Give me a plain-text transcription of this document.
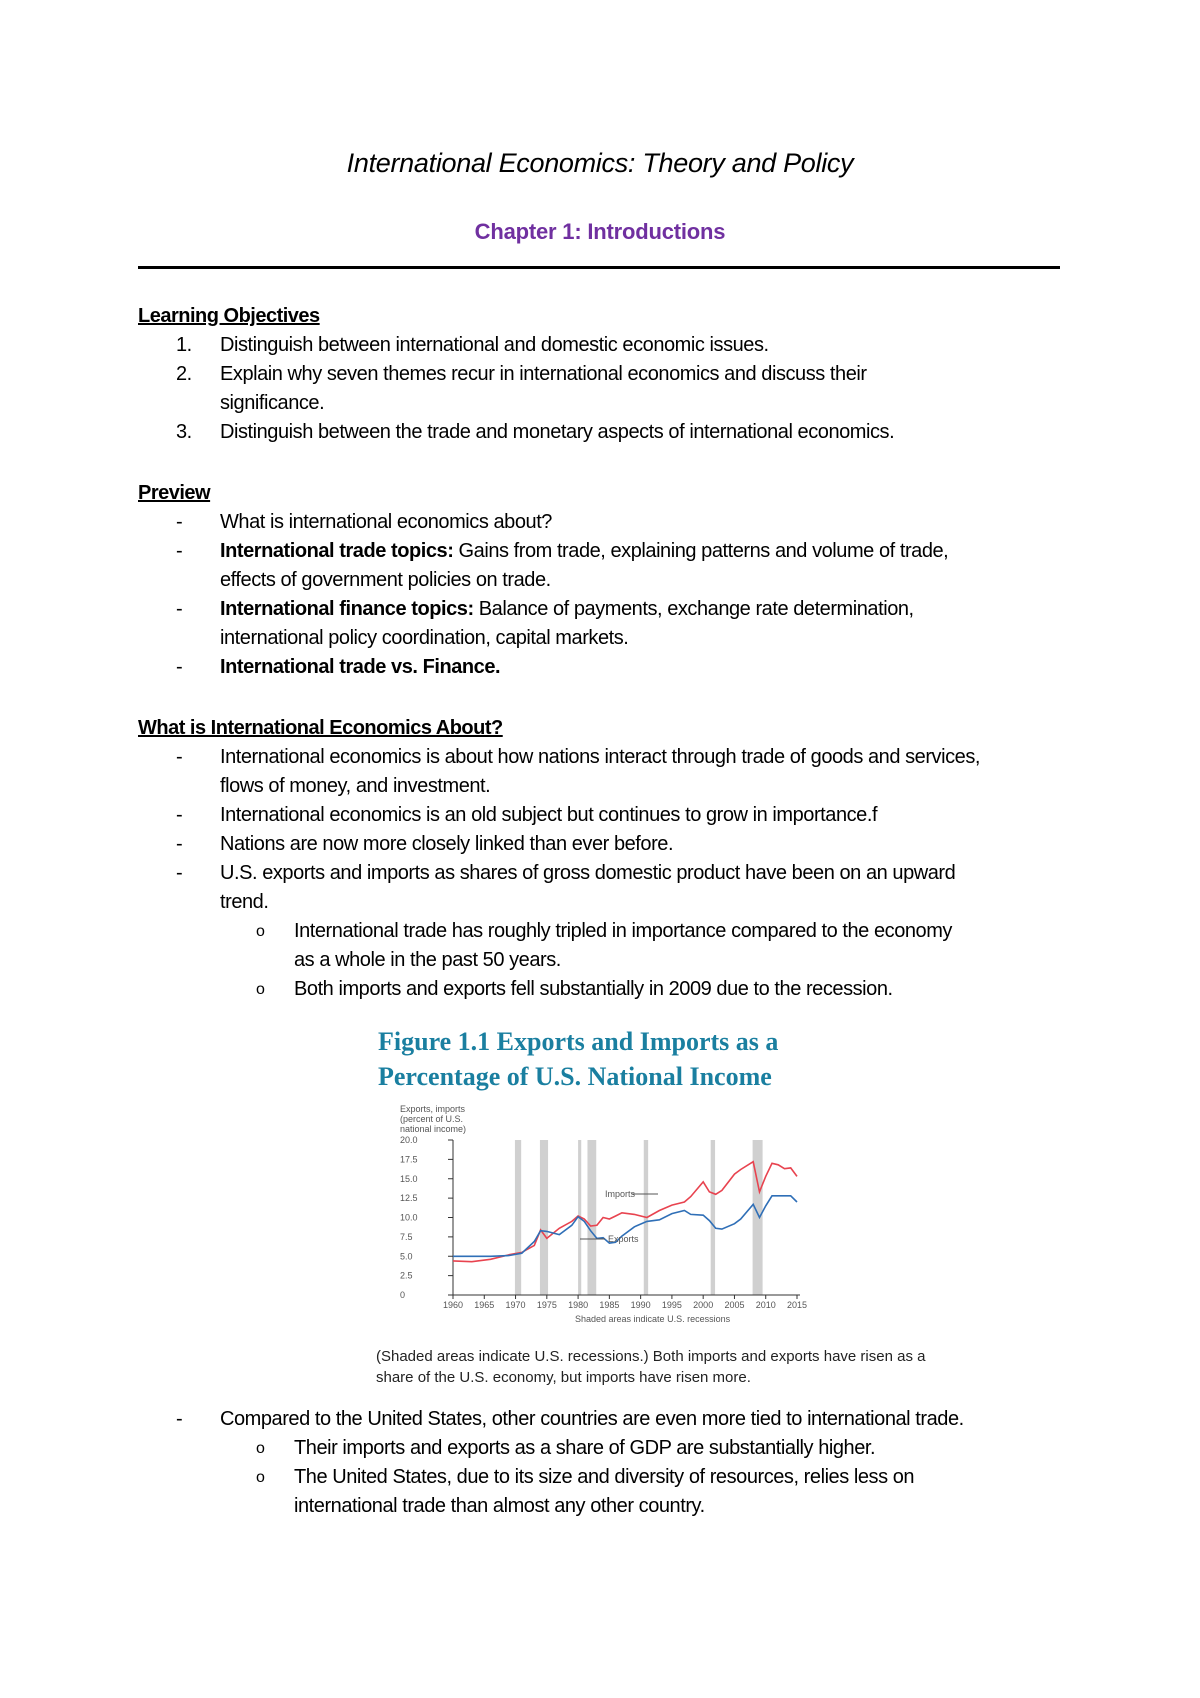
International Economics: Theory and Policy
Chapter 1: Introductions
Learning Objectives
1. Distinguish between international and domestic economic issues.
2. Explain why seven themes recur in international economics and discuss their significance.
3. Distinguish between the trade and monetary aspects of international economics.
Preview
- What is international economics about?
- International trade topics: Gains from trade, explaining patterns and volume of trade, effects of government policies on trade.
- International finance topics: Balance of payments, exchange rate determination, international policy coordination, capital markets.
- International trade vs. Finance.
What is International Economics About?
- International economics is about how nations interact through trade of goods and services, flows of money, and investment.
- International economics is an old subject but continues to grow in importance.f
- Nations are now more closely linked than ever before.
- U.S. exports and imports as shares of gross domestic product have been on an upward trend.
o International trade has roughly tripled in importance compared to the economy as a whole in the past 50 years.
o Both imports and exports fell substantially in 2009 due to the recession.
Figure 1.1 Exports and Imports as a
Percentage of U.S. National Income
Exports, imports
(percent of U.S.
national income)
0
2.5
5.0
7.5
10.0
12.5
15.0
17.5
20.0
1960 1965 1970 1975 1980 1985 1990 1995 2000 2005 2010 2015
Imports
Exports
Shaded areas indicate U.S. recessions
(Shaded areas indicate U.S. recessions.) Both imports and exports have risen as a share of the U.S. economy, but imports have risen more.
- Compared to the United States, other countries are even more tied to international trade.
o Their imports and exports as a share of GDP are substantially higher.
o The United States, due to its size and diversity of resources, relies less on international trade than almost any other country.
